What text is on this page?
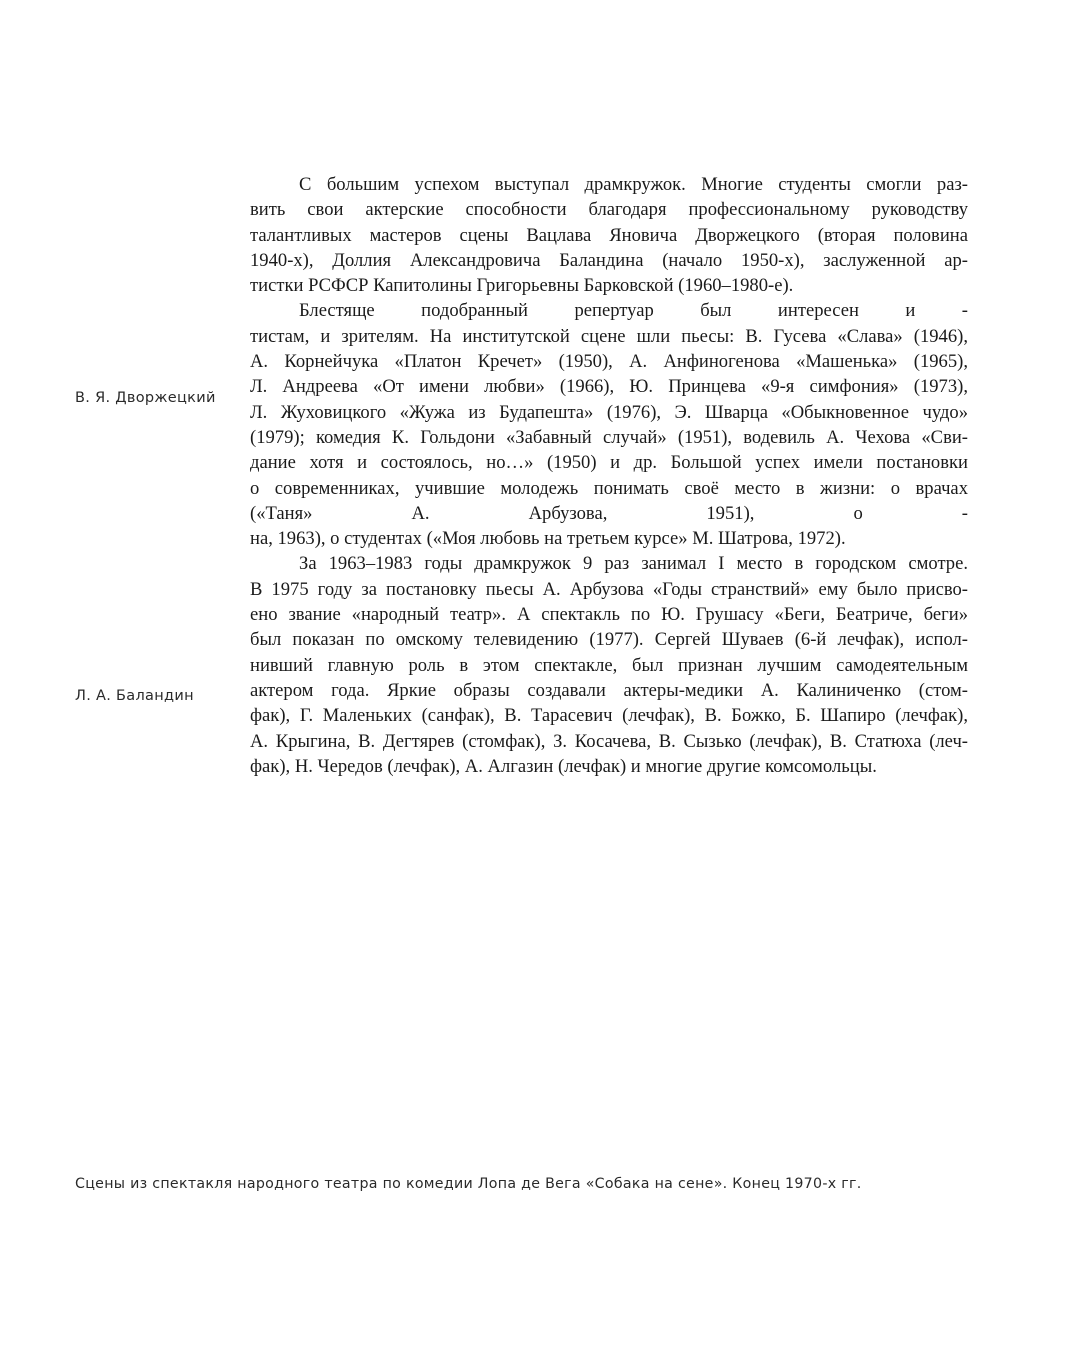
С большим успехом выступал драмкружок. Многие студенты смогли раз-
вить свои актерские способности благодаря профессиональному руководству
талантливых мастеров сцены Вацлава Яновича Дворжецкого (вторая половина
1940-х), Доллия Александровича Баландина (начало 1950-х), заслуженной ар-
тистки РСФСР Капитолины Григорьевны Барковской (1960–1980-е).
Блестяще подобранный репертуар был интересен и -
тистам, и зрителям. На институтской сцене шли пьесы: В. Гусева «Слава» (1946),
А. Корнейчука «Платон Кречет» (1950), А. Анфиногенова «Машенька» (1965),
Л. Андреева «От имени любви» (1966), Ю. Принцева «9-я симфония» (1973),
Л. Жуховицкого «Жужа из Будапешта» (1976), Э. Шварца «Обыкновенное чудо»
(1979); комедия К. Гольдони «Забавный случай» (1951), водевиль А. Чехова «Сви-
дание хотя и состоялось, но…» (1950) и др. Большой успех имели постановки
о современниках, учившие молодежь понимать своё место в жизни: о врачах
(«Таня» А. Арбузова, 1951), о -
на, 1963), о студентах («Моя любовь на третьем курсе» М. Шатрова, 1972).
За 1963–1983 годы драмкружок 9 раз занимал I место в городском смотре.
В 1975 году за постановку пьесы А. Арбузова «Годы странствий» ему было присво-
ено звание «народный театр». А спектакль по Ю. Грушасу «Беги, Беатриче, беги»
был показан по омскому телевидению (1977). Сергей Шуваев (6-й лечфак), испол-
нивший главную роль в этом спектакле, был признан лучшим самодеятельным
актером года. Яркие образы создавали актеры-медики А. Калиниченко (стом-
фак), Г. Маленьких (санфак), В. Тарасевич (лечфак), В. Божко, Б. Шапиро (лечфак),
А. Крыгина, В. Дегтярев (стомфак), З. Косачева, В. Сызько (лечфак), В. Статюха (леч-
фак), Н. Чередов (лечфак), А. Алгазин (лечфак) и многие другие комсомольцы.
В. Я. Дворжецкий
Л. А. Баландин
Сцены из спектакля народного театра по комедии Лопа де Вега «Собака на сене». Конец 1970-х гг.
